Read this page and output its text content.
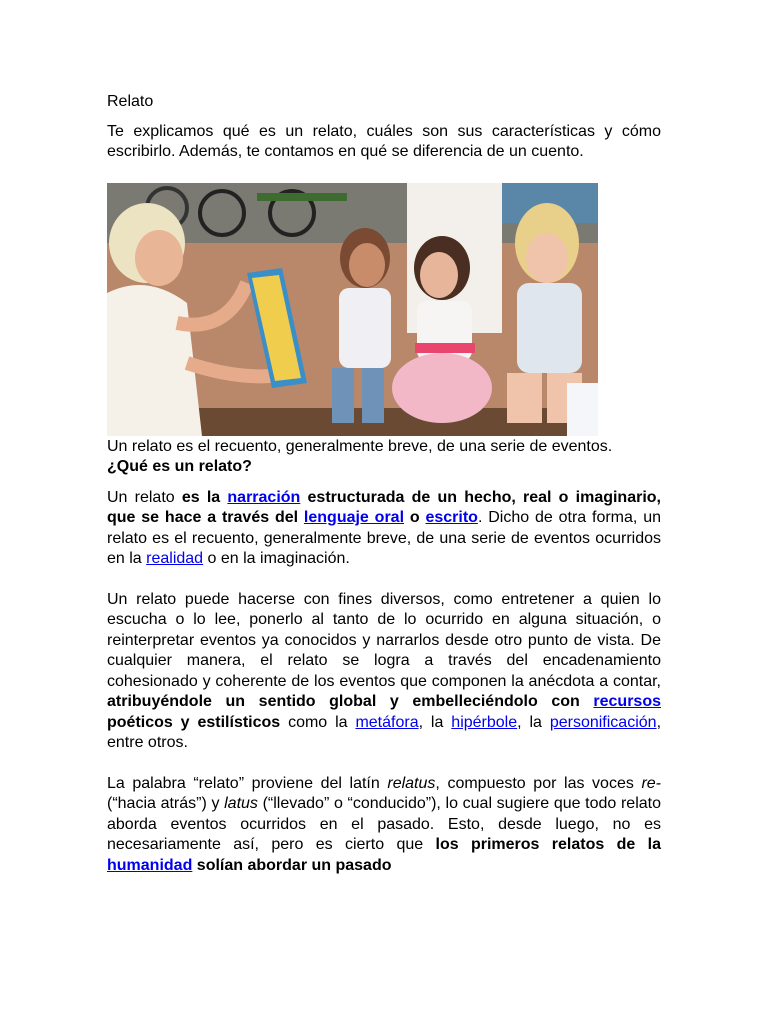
Relato

Te explicamos qué es un relato, cuáles son sus características y cómo escribirlo. Además, te contamos en qué se diferencia de un cuento.

Un relato es el recuento, generalmente breve, de una serie de eventos.

¿Qué es un relato?

Un relato es la narración estructurada de un hecho, real o imaginario, que se hace a través del lenguaje oral o escrito. Dicho de otra forma, un relato es el recuento, generalmente breve, de una serie de eventos ocurridos en la realidad o en la imaginación.

Un relato puede hacerse con fines diversos, como entretener a quien lo escucha o lo lee, ponerlo al tanto de lo ocurrido en alguna situación, o reinterpretar eventos ya conocidos y narrarlos desde otro punto de vista. De cualquier manera, el relato se logra a través del encadenamiento cohesionado y coherente de los eventos que componen la anécdota a contar, atribuyéndole un sentido global y embelleciéndolo con recursos poéticos y estilísticos como la metáfora, la hipérbole, la personificación, entre otros.

La palabra “relato” proviene del latín relatus, compuesto por las voces re- (“hacia atrás”) y latus (“llevado” o “conducido”), lo cual sugiere que todo relato aborda eventos ocurridos en el pasado. Esto, desde luego, no es necesariamente así, pero es cierto que los primeros relatos de la humanidad solían abordar un pasado
